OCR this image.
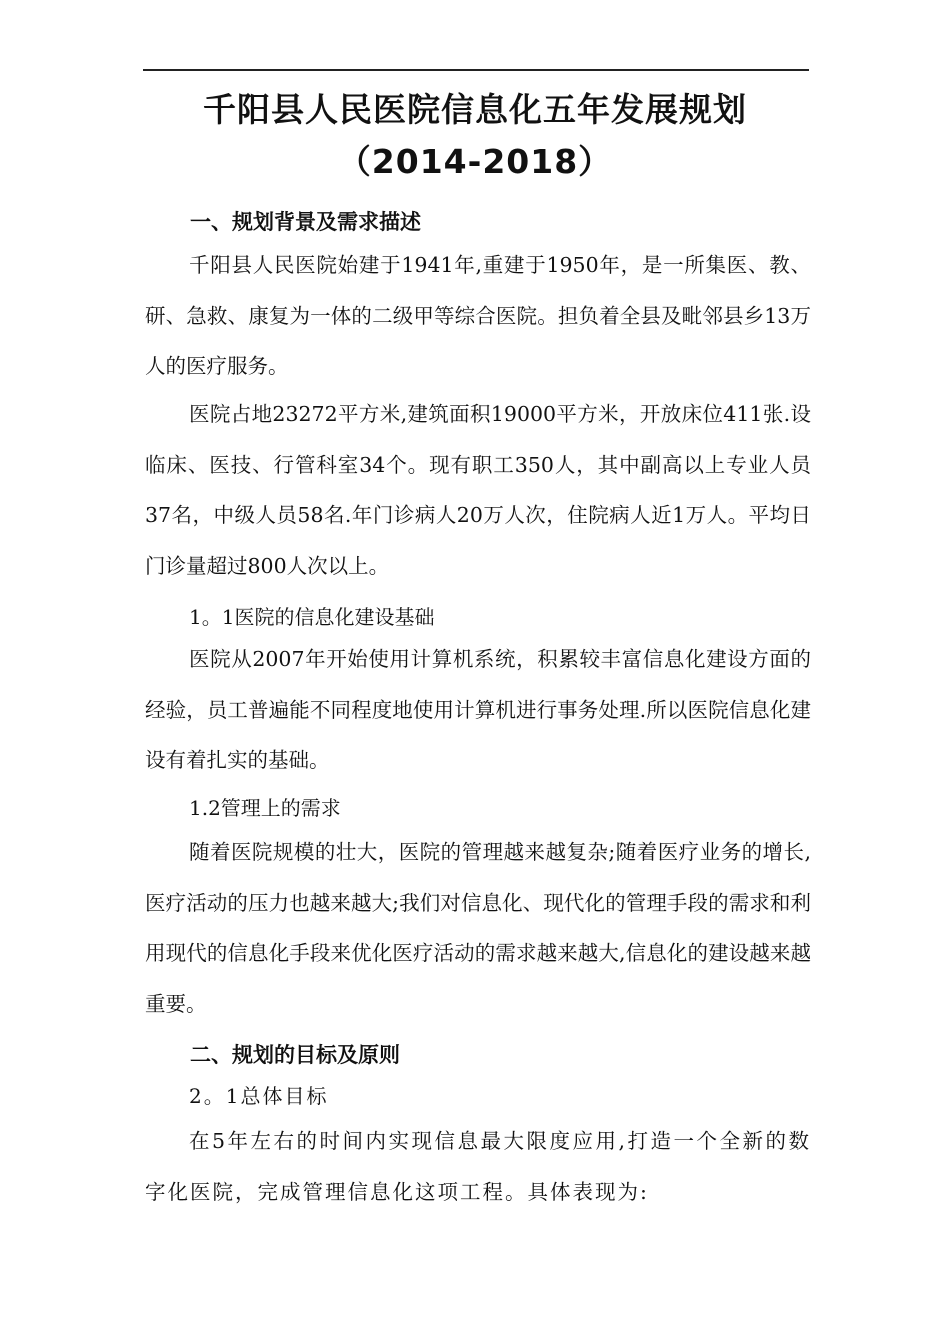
千阳县人民医院信息化五年发展规划
（2014-2018）
一、规划背景及需求描述

千阳县人民医院始建于1941年,重建于1950年，是一所集医、教、研、急救、康复为一体的二级甲等综合医院。担负着全县及毗邻县乡13万人的医疗服务。

医院占地23272平方米,建筑面积19000平方米，开放床位411张.设临床、医技、行管科室34个。现有职工350人，其中副高以上专业人员　37名，中级人员58名.年门诊病人20万人次，住院病人近1万人。平均日门诊量超过800人次以上。

1。1医院的信息化建设基础

医院从2007年开始使用计算机系统，积累较丰富信息化建设方面的经验，员工普遍能不同程度地使用计算机进行事务处理.所以医院信息化建设有着扎实的基础。

1.2管理上的需求

随着医院规模的壮大，医院的管理越来越复杂;随着医疗业务的增长,医疗活动的压力也越来越大;我们对信息化、现代化的管理手段的需求和利用现代的信息化手段来优化医疗活动的需求越来越大,信息化的建设越来越重要。

二、规划的目标及原则
2。1总体目标

在5年左右的时间内实现信息最大限度应用,打造一个全新的数字化医院，完成管理信息化这项工程。具体表现为:
